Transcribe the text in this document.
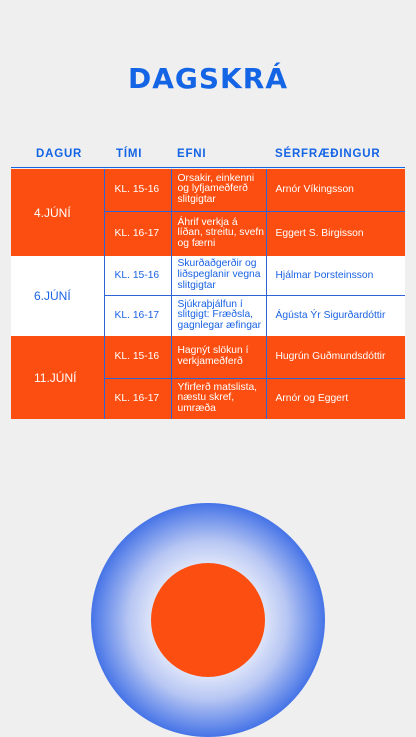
DAGSKRÁ
DAGUR	TÍMI	EFNI	SÉRFRÆÐINGUR
4.JÚNÍ	KL. 15-16	Orsakir, einkenni og lyfjameðferð slitgigtar	Arnór Víkingsson
	KL. 16-17	Áhrif verkja á líðan, streitu, svefn og færni	Eggert S. Birgisson
6.JÚNÍ	KL. 15-16	Skurðaðgerðir og liðspeglanir vegna slitgigtar	Hjálmar Þorsteinsson
	KL. 16-17	Sjúkraþjálfun í slitgigt: Fræðsla, gagnlegar æfingar	Ágústa Ýr Sigurðardóttir
11.JÚNÍ	KL. 15-16	Hagnýt slökun í verkjameðferð	Hugrún Guðmundsdóttir
	KL. 16-17	Yfirferð matslista, næstu skref, umræða	Arnór og Eggert
